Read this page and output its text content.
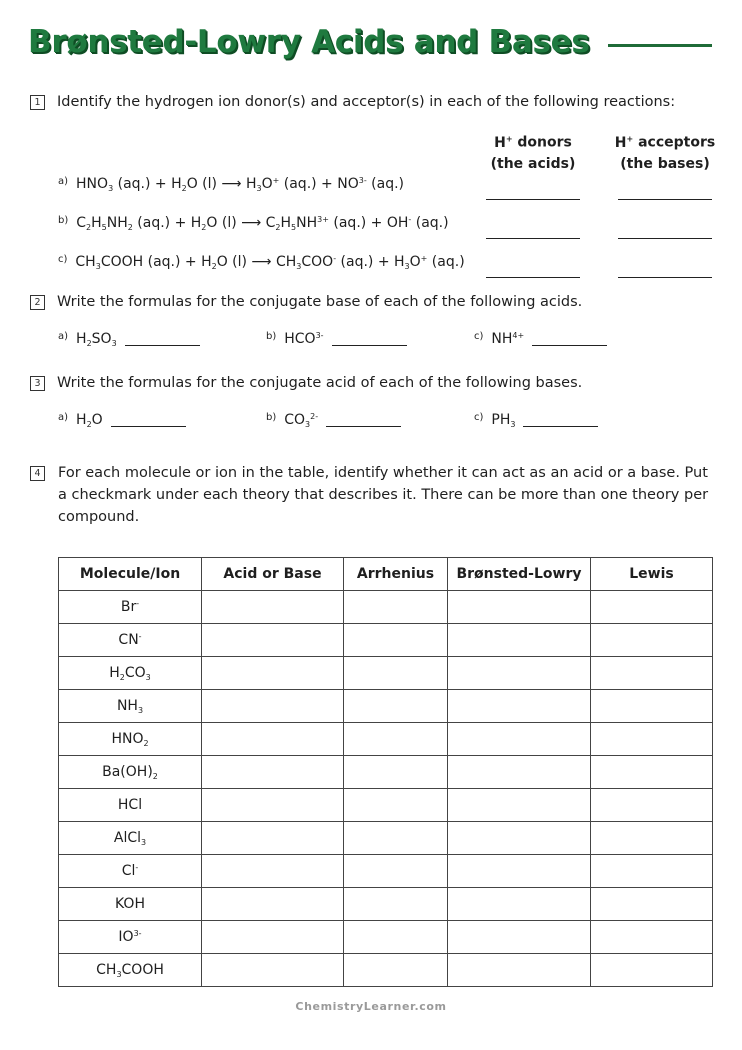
Brønsted-Lowry Acids and Bases
1 Identify the hydrogen ion donor(s) and acceptor(s) in each of the following reactions:
H+ donors
(the acids)
H+ acceptors
(the bases)
$^{a)}$ $HNO_3$ $(aq.) + H_2O$ (l) ⟶ $H_3O^+$ $(aq.) + NO^{3-}$ (aq.)
$^{b)}$ $C_2H_5NH_2$ $(aq.) + H_2O$ (l) ⟶ $C_2H_5NH^{3+}$ (aq.) + OH- (aq.)
$^{c)}$ $CH_3COOH$ $(aq.) + H_2O$ (l) ⟶ $CH_3COO^-$ $(aq.) + H_3O^+$ (aq.)
2 Write the formulas for the conjugate base of each of the following acids.
$^{a)}$ $H_2SO_3$
$^{b)}$ $HCO^{3-}$	$^{c)}$ $NH^{4+}$
3 Write the formulas for the conjugate acid of each of the following bases.
$^{a)}$ $H_2O$	$^{b)}$ $CO_3^{2-}$	$^{c)}$ $PH_3$
4	For each molecule or ion in the table, identify whether it can act as an acid or a base. Put a checkmark under each theory that describes it. There can be more than one theory per compound.
Molecule/Ion	Acid or Base	Arrhenius	Brønsted-Lowry	Lewis
Br-				
CN-				
$H_2CO_3$				
$NH_3$				
$HNO_2$				
$Ba(OH)_2$				
HCl				
AlCl$_3$				
Cl-				
KOH				
$IO^{3-}$				
$CH_3COOH$				
ChemistryLearner.com
